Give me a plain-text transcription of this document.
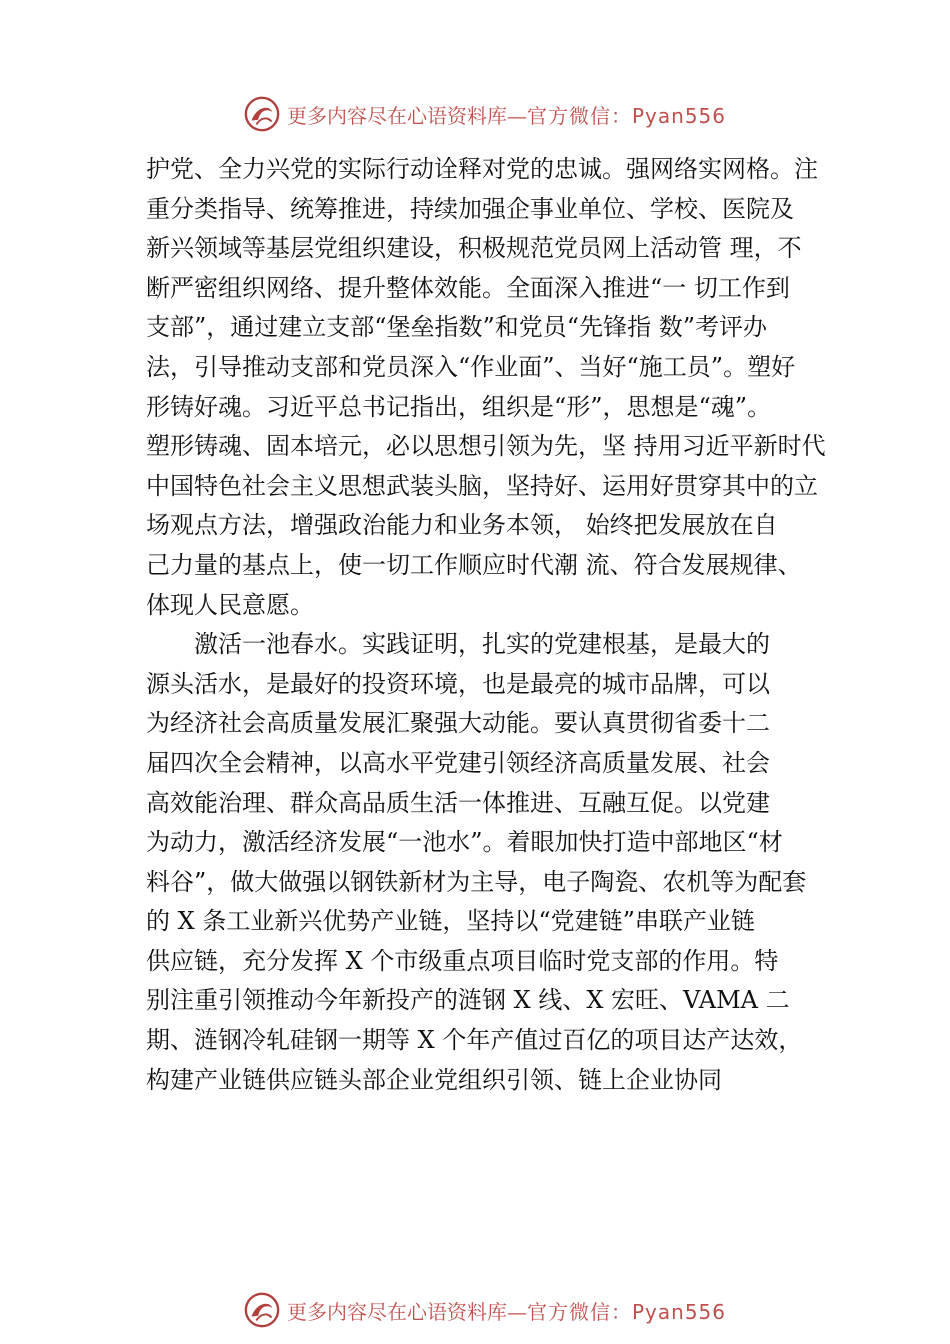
更多内容尽在心语资料库—官方微信：Pyan556
护党、全力兴党的实际行动诠释对党的忠诚。强网络实网格。注
重分类指导、统筹推进，持续加强企事业单位、学校、医院及
新兴领域等基层党组织建设，积极规范党员网上活动管 理，不
断严密组织网络、提升整体效能。全面深入推进“一 切工作到
支部”，通过建立支部“堡垒指数”和党员“先锋指 数”考评办
法，引导推动支部和党员深入“作业面”、当好“施工员”。塑好
形铸好魂。习近平总书记指出，组织是“形”，思想是“魂”。
塑形铸魂、固本培元，必以思想引领为先，坚 持用习近平新时代
中国特色社会主义思想武装头脑，坚持好、运用好贯穿其中的立
场观点方法，增强政治能力和业务本领， 始终把发展放在自
己力量的基点上，使一切工作顺应时代潮 流、符合发展规律、
体现人民意愿。
激活一池春水。实践证明，扎实的党建根基，是最大的
源头活水，是最好的投资环境，也是最亮的城市品牌，可以
为经济社会高质量发展汇聚强大动能。要认真贯彻省委十二
届四次全会精神，以高水平党建引领经济高质量发展、社会
高效能治理、群众高品质生活一体推进、互融互促。以党建
为动力，激活经济发展“一池水”。着眼加快打造中部地区“材
料谷”，做大做强以钢铁新材为主导，电子陶瓷、农机等为配套
的 X 条工业新兴优势产业链，坚持以“党建链”串联产业链
供应链，充分发挥 X 个市级重点项目临时党支部的作用。特
别注重引领推动今年新投产的涟钢 X 线、X 宏旺、VAMA 二
期、涟钢冷轧硅钢一期等 X 个年产值过百亿的项目达产达效，
构建产业链供应链头部企业党组织引领、链上企业协同
更多内容尽在心语资料库—官方微信：Pyan556
